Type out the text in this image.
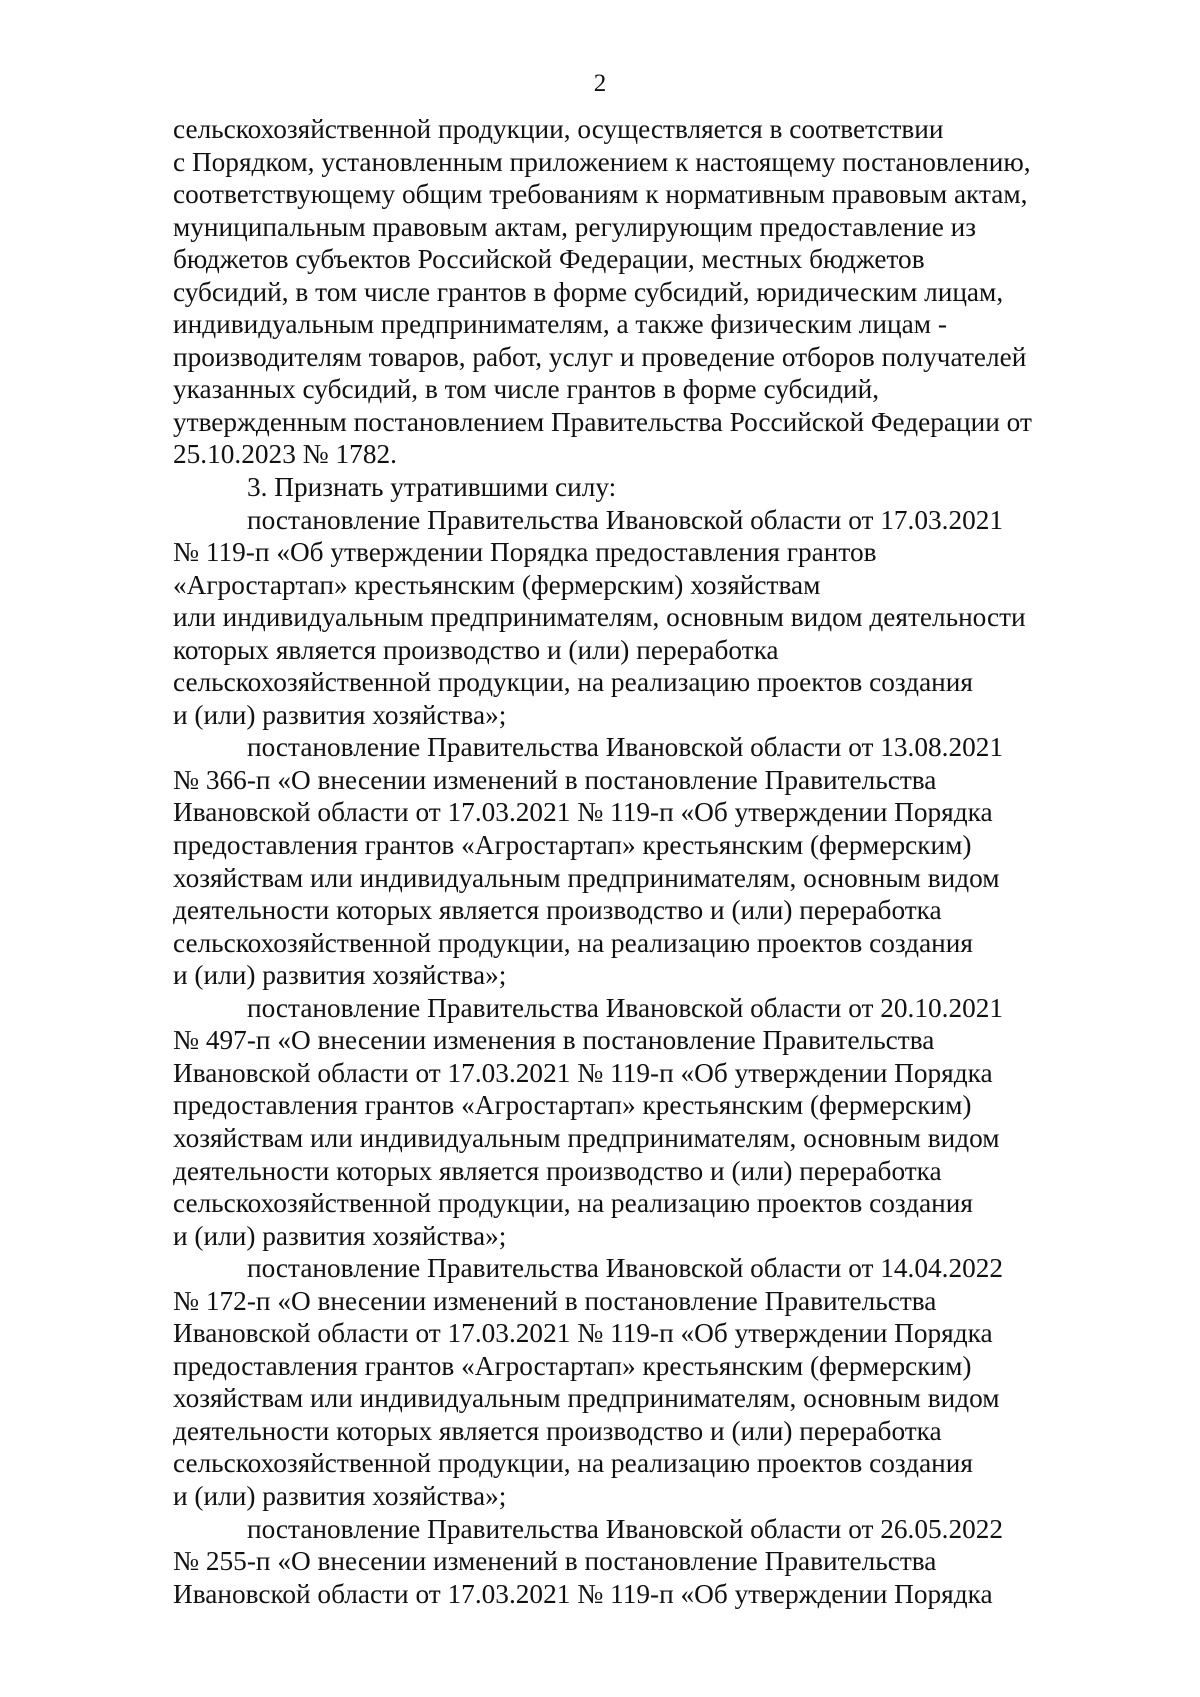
2

сельскохозяйственной продукции, осуществляется в соответствии
с Порядком, установленным приложением к настоящему постановлению,
соответствующему общим требованиям к нормативным правовым актам,
муниципальным правовым актам, регулирующим предоставление из
бюджетов субъектов Российской Федерации, местных бюджетов
субсидий, в том числе грантов в форме субсидий, юридическим лицам,
индивидуальным предпринимателям, а также физическим лицам -
производителям товаров, работ, услуг и проведение отборов получателей
указанных субсидий, в том числе грантов в форме субсидий,
утвержденным постановлением Правительства Российской Федерации от
25.10.2023 № 1782.

3. Признать утратившими силу:

постановление Правительства Ивановской области от 17.03.2021
№ 119-п «Об утверждении Порядка предоставления грантов
«Агростартап» крестьянским (фермерским) хозяйствам
или индивидуальным предпринимателям, основным видом деятельности
которых является производство и (или) переработка
сельскохозяйственной продукции, на реализацию проектов создания
и (или) развития хозяйства»;

постановление Правительства Ивановской области от 13.08.2021
№ 366-п «О внесении изменений в постановление Правительства
Ивановской области от 17.03.2021 № 119-п «Об утверждении Порядка
предоставления грантов «Агростартап» крестьянским (фермерским)
хозяйствам или индивидуальным предпринимателям, основным видом
деятельности которых является производство и (или) переработка
сельскохозяйственной продукции, на реализацию проектов создания
и (или) развития хозяйства»;

постановление Правительства Ивановской области от 20.10.2021
№ 497-п «О внесении изменения в постановление Правительства
Ивановской области от 17.03.2021 № 119-п «Об утверждении Порядка
предоставления грантов «Агростартап» крестьянским (фермерским)
хозяйствам или индивидуальным предпринимателям, основным видом
деятельности которых является производство и (или) переработка
сельскохозяйственной продукции, на реализацию проектов создания
и (или) развития хозяйства»;

постановление Правительства Ивановской области от 14.04.2022
№ 172-п «О внесении изменений в постановление Правительства
Ивановской области от 17.03.2021 № 119-п «Об утверждении Порядка
предоставления грантов «Агростартап» крестьянским (фермерским)
хозяйствам или индивидуальным предпринимателям, основным видом
деятельности которых является производство и (или) переработка
сельскохозяйственной продукции, на реализацию проектов создания
и (или) развития хозяйства»;

постановление Правительства Ивановской области от 26.05.2022
№ 255-п «О внесении изменений в постановление Правительства
Ивановской области от 17.03.2021 № 119-п «Об утверждении Порядка
